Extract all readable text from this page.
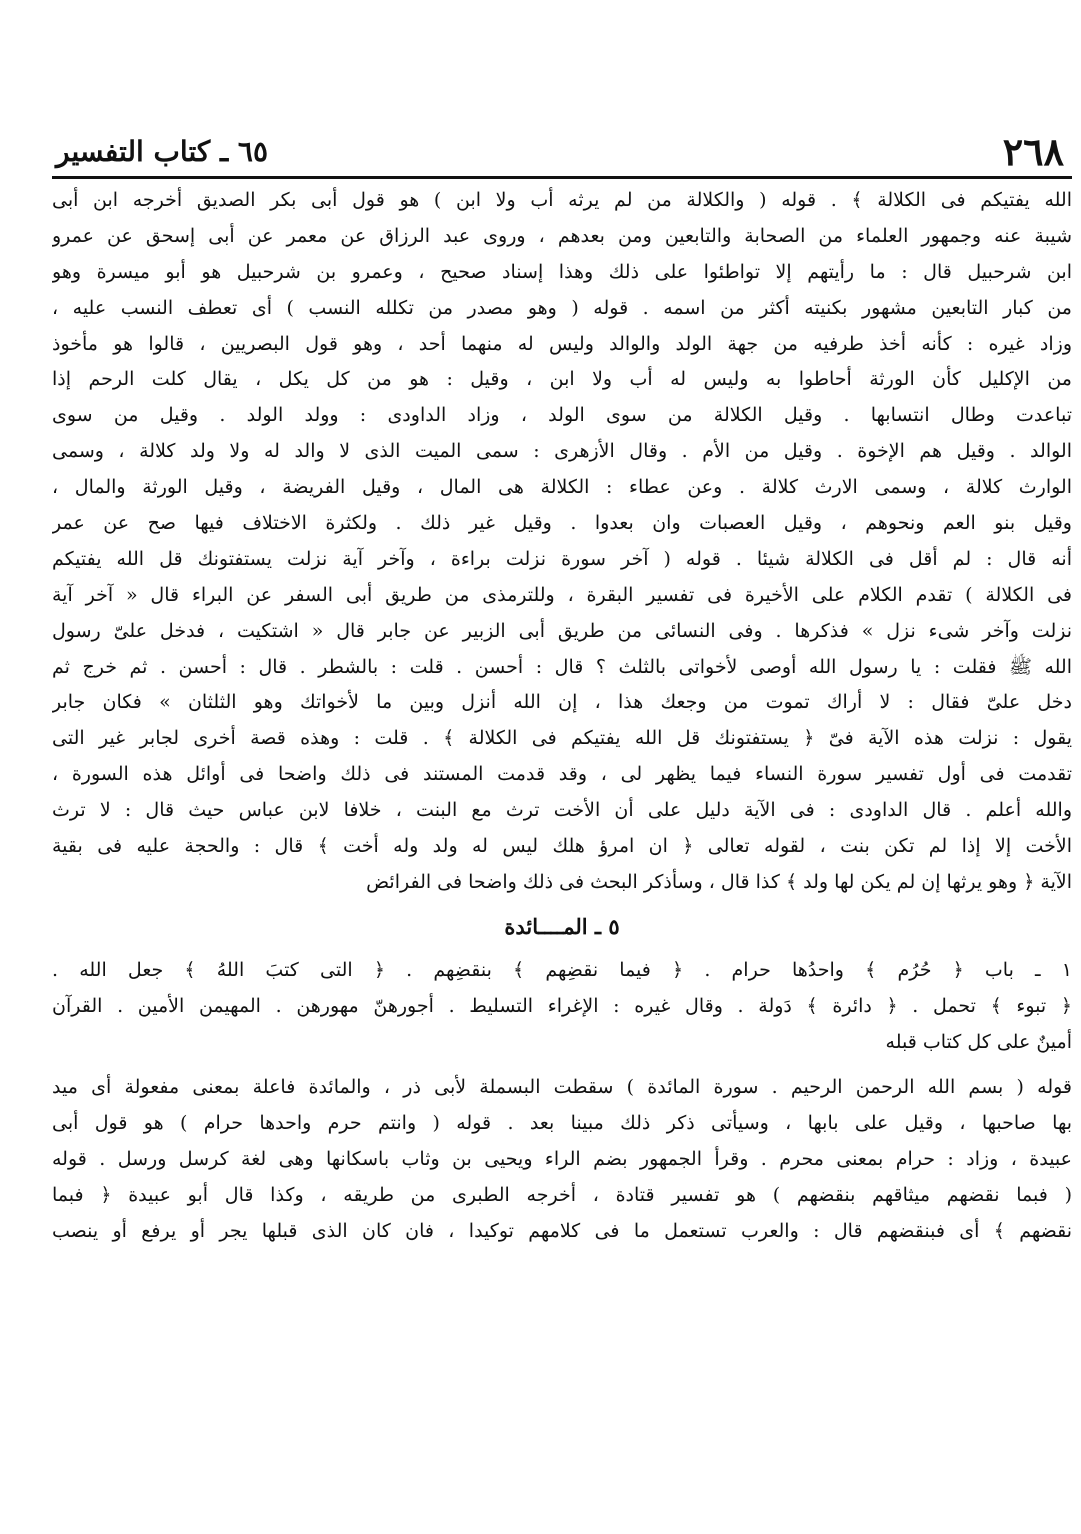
٢٦٨
٦٥ ـ كتاب التفسير
الله يفتيكم فى الكلالة ﴾ . قوله ( والكلالة من لم يرثه أب ولا ابن ) هو قول أبى بكر الصديق أخرجه ابن أبى
شيبة عنه وجمهور العلماء من الصحابة والتابعين ومن بعدهم ، وروى عبد الرزاق عن معمر عن أبى إسحق عن عمرو
ابن شرحبيل قال : ما رأيتهم إلا تواطئوا على ذلك وهذا إسناد صحيح ، وعمرو بن شرحبيل هو أبو ميسرة وهو
من كبار التابعين مشهور بكنيته أكثر من اسمه . قوله ( وهو مصدر من تكلله النسب ) أى تعطف النسب عليه ،
وزاد غيره : كأنه أخذ طرفيه من جهة الولد والوالد وليس له منهما أحد ، وهو قول البصريين ، قالوا هو مأخوذ
من الإكليل كأن الورثة أحاطوا به وليس له أب ولا ابن ، وقيل : هو من كل يكل ، يقال كلت الرحم إذا
تباعدت وطال انتسابها . وقيل الكلالة من سوى الولد ، وزاد الداودى : وولد الولد . وقيل من سوى
الوالد . وقيل هم الإخوة . وقيل من الأم . وقال الأزهرى : سمى الميت الذى لا والد له ولا ولد كلالة ، وسمى
الوارث كلالة ، وسمى الارث كلالة . وعن عطاء : الكلالة هى المال ، وقيل الفريضة ، وقيل الورثة والمال ،
وقيل بنو العم ونحوهم ، وقيل العصبات وان بعدوا . وقيل غير ذلك . ولكثرة الاختلاف فيها صح عن عمر
أنه قال : لم أقل فى الكلالة شيئا . قوله ( آخر سورة نزلت براءة ، وآخر آية نزلت يستفتونك قل الله يفتيكم
فى الكلالة ) تقدم الكلام على الأخيرة فى تفسير البقرة ، وللترمذى من طريق أبى السفر عن البراء قال « آخر آية
نزلت وآخر شىء نزل » فذكرها . وفى النسائى من طريق أبى الزبير عن جابر قال « اشتكيت ، فدخل علىّ رسول
الله ﷺ فقلت : يا رسول الله أوصى لأخواتى بالثلث ؟ قال : أحسن . قلت : بالشطر . قال : أحسن . ثم خرج ثم
دخل علىّ فقال : لا أراك تموت من وجعك هذا ، إن الله أنزل وبين ما لأخواتك وهو الثلثان » فكان جابر
يقول : نزلت هذه الآية فىّ ﴿ يستفتونك قل الله يفتيكم فى الكلالة ﴾ . قلت : وهذه قصة أخرى لجابر غير التى
تقدمت فى أول تفسير سورة النساء فيما يظهر لى ، وقد قدمت المستند فى ذلك واضحا فى أوائل هذه السورة ،
والله أعلم . قال الداودى : فى الآية دليل على أن الأخت ترث مع البنت ، خلافا لابن عباس حيث قال : لا ترث
الأخت إلا إذا لم تكن بنت ، لقوله تعالى ﴿ ان امرؤ هلك ليس له ولد وله أخت ﴾ قال : والحجة عليه فى بقية
الآية ﴿ وهو يرثها إن لم يكن لها ولد ﴾ كذا قال ، وسأذكر البحث فى ذلك واضحا فى الفرائض
٥ ـ المــــائدة
١ ـ باب ﴿ حُرُم ﴾ واحدُها حرام . ﴿ فيما نقضِهم ﴾ بنقضِهم . ﴿ التى كتبَ اللهُ ﴾ جعل الله .
﴿ تبوء ﴾ تحمل . ﴿ دائرة ﴾ دَولة . وقال غيره : الإغراء التسليط . أجورهنّ مهورهن . المهيمن الأمين . القرآن
أمينٌ على كل كتاب قبله
قوله ( بسم الله الرحمن الرحيم . سورة المائدة ) سقطت البسملة لأبى ذر ، والمائدة فاعلة بمعنى مفعولة أى ميد
بها صاحبها ، وقيل على بابها ، وسيأتى ذكر ذلك مبينا بعد . قوله ( وانتم حرم واحدها حرام ) هو قول أبى
عبيدة ، وزاد : حرام بمعنى محرم . وقرأ الجمهور بضم الراء ويحيى بن وثاب باسكانها وهى لغة كرسل ورسل . قوله
( فبما نقضهم ميثاقهم بنقضهم ) هو تفسير قتادة ، أخرجه الطبرى من طريقه ، وكذا قال أبو عبيدة ﴿ فبما
نقضهم ﴾ أى فبنقضهم قال : والعرب تستعمل ما فى كلامهم توكيدا ، فان كان الذى قبلها يجر أو يرفع أو ينصب
